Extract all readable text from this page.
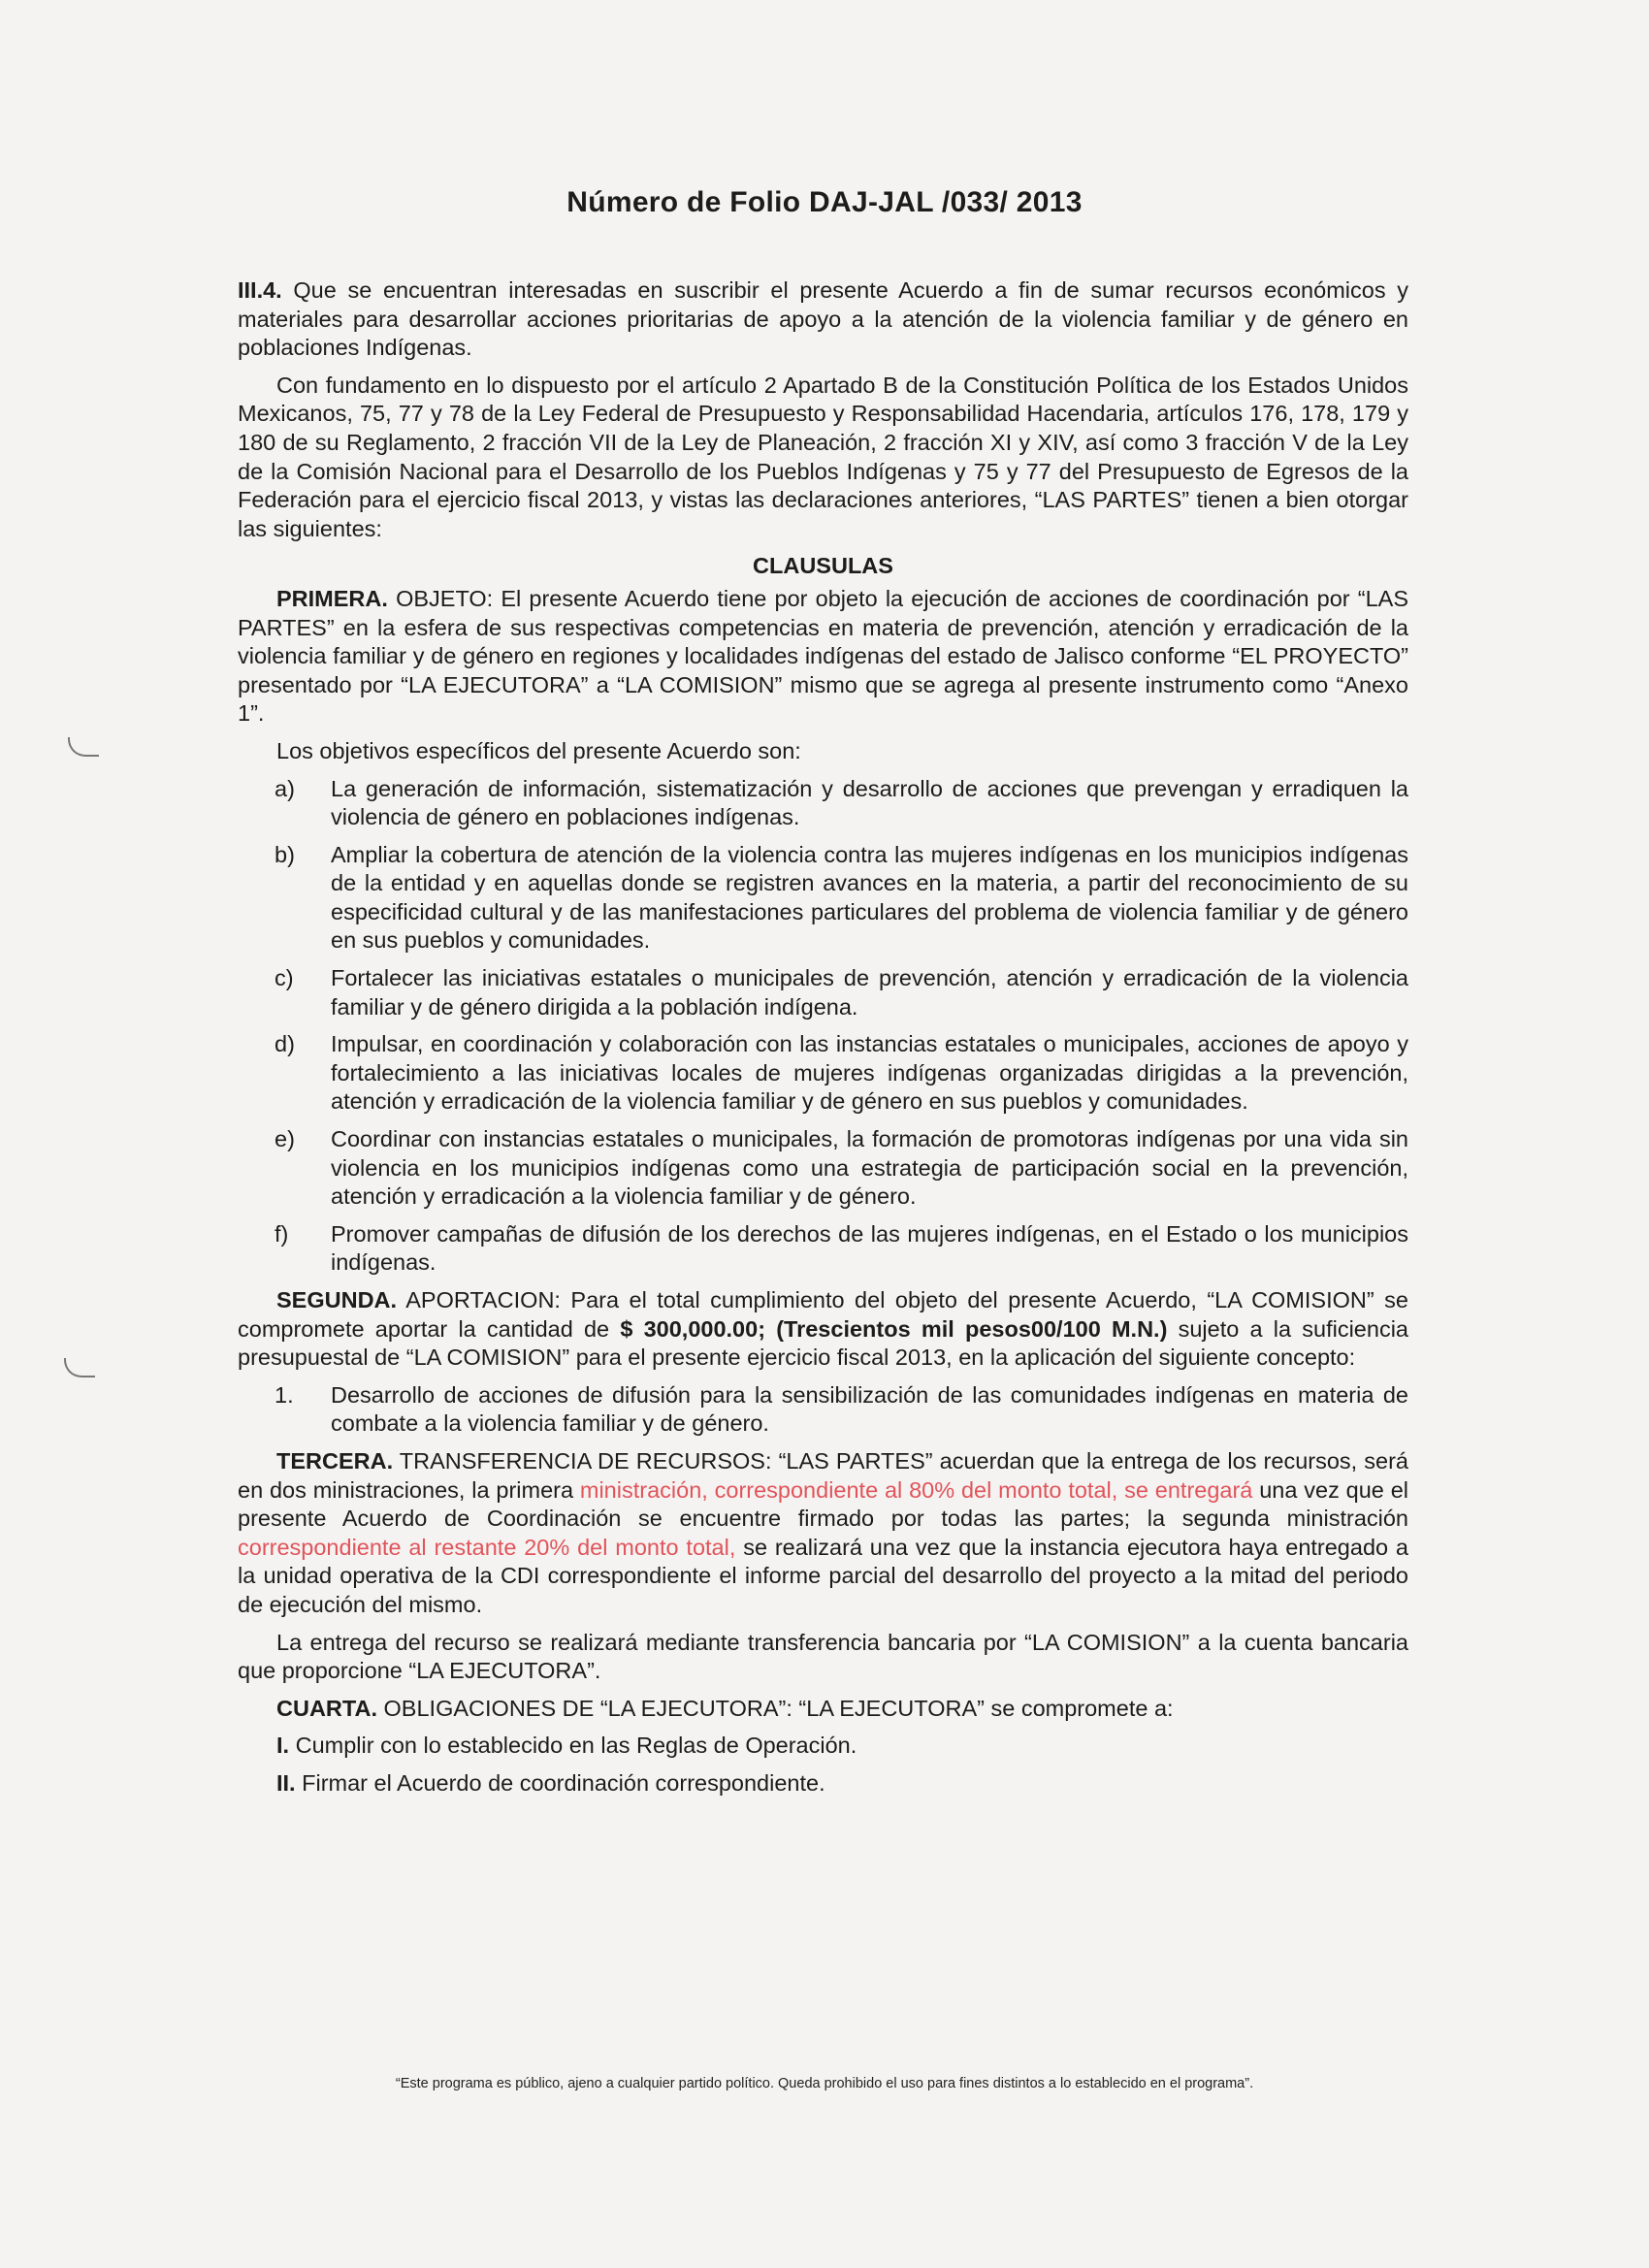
Número de Folio DAJ-JAL /033/ 2013

III.4. Que se encuentran interesadas en suscribir el presente Acuerdo a fin de sumar recursos económicos y materiales para desarrollar acciones prioritarias de apoyo a la atención de la violencia familiar y de género en poblaciones Indígenas.

Con fundamento en lo dispuesto por el artículo 2 Apartado B de la Constitución Política de los Estados Unidos Mexicanos, 75, 77 y 78 de la Ley Federal de Presupuesto y Responsabilidad Hacendaria, artículos 176, 178, 179 y 180 de su Reglamento, 2 fracción VII de la Ley de Planeación, 2 fracción XI y XIV, así como 3 fracción V de la Ley de la Comisión Nacional para el Desarrollo de los Pueblos Indígenas y 75 y 77 del Presupuesto de Egresos de la Federación para el ejercicio fiscal 2013, y vistas las declaraciones anteriores, “LAS PARTES” tienen a bien otorgar las siguientes:

CLAUSULAS

PRIMERA. OBJETO: El presente Acuerdo tiene por objeto la ejecución de acciones de coordinación por “LAS PARTES” en la esfera de sus respectivas competencias en materia de prevención, atención y erradicación de la violencia familiar y de género en regiones y localidades indígenas del estado de Jalisco conforme “EL PROYECTO” presentado por “LA EJECUTORA” a “LA COMISION” mismo que se agrega al presente instrumento como “Anexo 1”.

Los objetivos específicos del presente Acuerdo son:

a)	La generación de información, sistematización y desarrollo de acciones que prevengan y erradiquen la violencia de género en poblaciones indígenas.
b)	Ampliar la cobertura de atención de la violencia contra las mujeres indígenas en los municipios indígenas de la entidad y en aquellas donde se registren avances en la materia, a partir del reconocimiento de su especificidad cultural y de las manifestaciones particulares del problema de violencia familiar y de género en sus pueblos y comunidades.
c)	Fortalecer las iniciativas estatales o municipales de prevención, atención y erradicación de la violencia familiar y de género dirigida a la población indígena.
d)	Impulsar, en coordinación y colaboración con las instancias estatales o municipales, acciones de apoyo y fortalecimiento a las iniciativas locales de mujeres indígenas organizadas dirigidas a la prevención, atención y erradicación de la violencia familiar y de género en sus pueblos y comunidades.
e)	Coordinar con instancias estatales o municipales, la formación de promotoras indígenas por una vida sin violencia en los municipios indígenas como una estrategia de participación social en la prevención, atención y erradicación a la violencia familiar y de género.
f)	Promover campañas de difusión de los derechos de las mujeres indígenas, en el Estado o los municipios indígenas.

SEGUNDA. APORTACION: Para el total cumplimiento del objeto del presente Acuerdo, “LA COMISION” se compromete aportar la cantidad de $ 300,000.00; (Trescientos mil pesos00/100 M.N.) sujeto a la suficiencia presupuestal de “LA COMISION” para el presente ejercicio fiscal 2013, en la aplicación del siguiente concepto:

1.	Desarrollo de acciones de difusión para la sensibilización de las comunidades indígenas en materia de combate a la violencia familiar y de género.

TERCERA. TRANSFERENCIA DE RECURSOS: “LAS PARTES” acuerdan que la entrega de los recursos, será en dos ministraciones, la primera ministración, correspondiente al 80% del monto total, se entregará una vez que el presente Acuerdo de Coordinación se encuentre firmado por todas las partes; la segunda ministración correspondiente al restante 20% del monto total, se realizará una vez que la instancia ejecutora haya entregado a la unidad operativa de la CDI correspondiente el informe parcial del desarrollo del proyecto a la mitad del periodo de ejecución del mismo.

La entrega del recurso se realizará mediante transferencia bancaria por “LA COMISION” a la cuenta bancaria que proporcione “LA EJECUTORA”.

CUARTA. OBLIGACIONES DE “LA EJECUTORA”: “LA EJECUTORA” se compromete a:

I. Cumplir con lo establecido en las Reglas de Operación.

II. Firmar el Acuerdo de coordinación correspondiente.

“Este programa es público, ajeno a cualquier partido político. Queda prohibido el uso para fines distintos a lo establecido en el programa”.
